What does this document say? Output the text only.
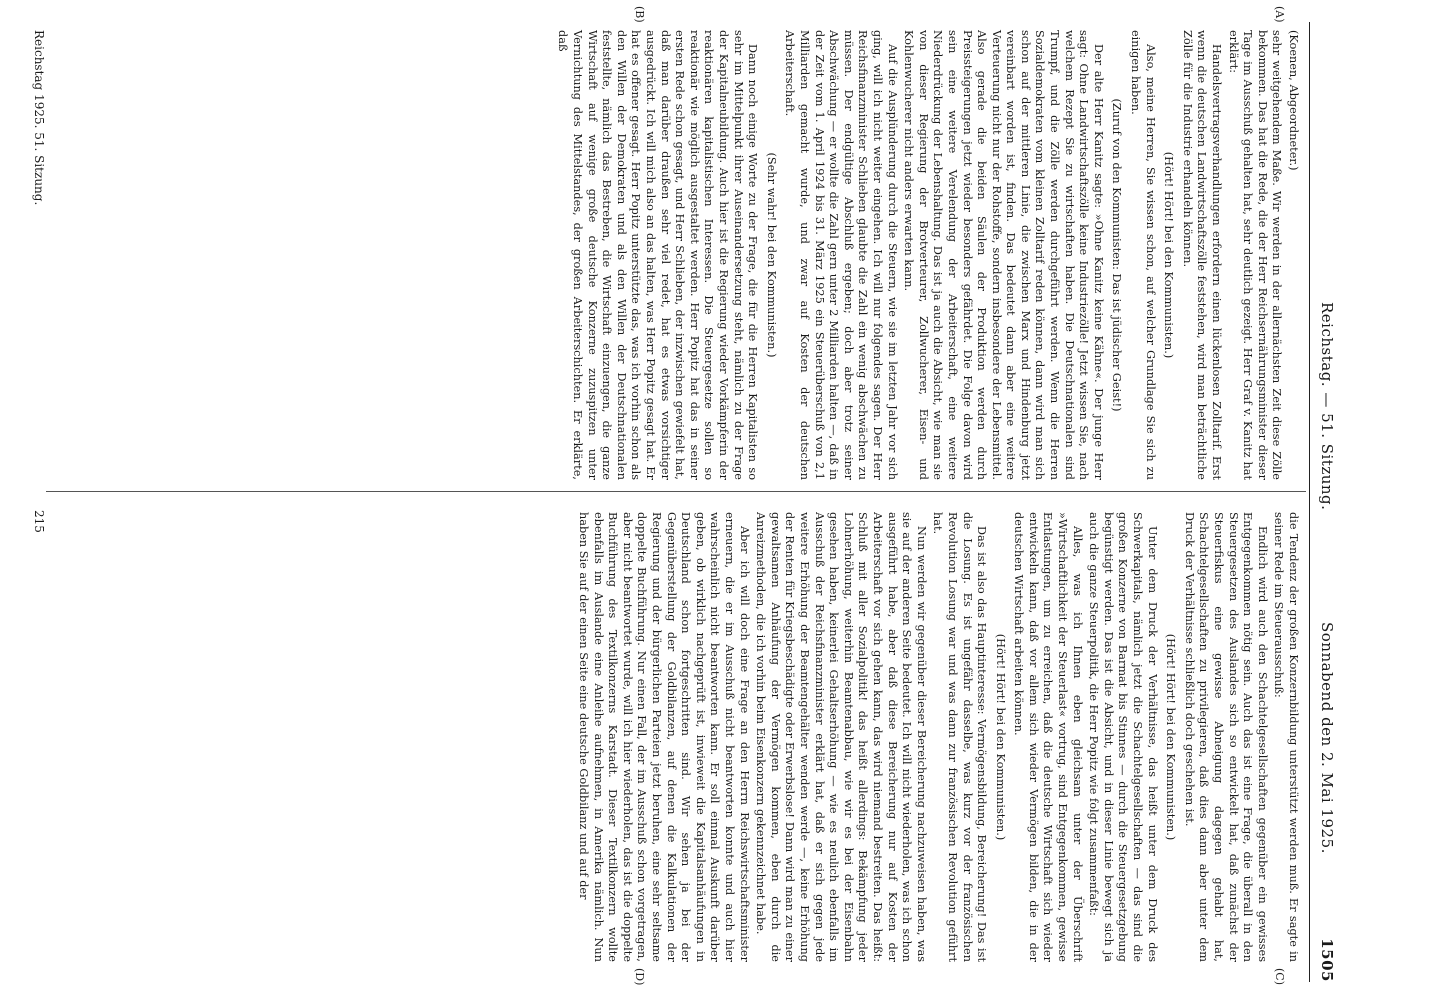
Reichstag. — 51. Sitzung.
Sonnabend den 2. Mai 1925.
1505
(A)
(B)
(C)
(D)

(Koenen, Abgeordneter.)

sehr weitgehendem Maße. Wir werden in der allernächsten Zeit diese Zölle bekommen. Das hat die Rede, die der Herr Reichsernährungsminister dieser Tage im Ausschuß gehalten hat, sehr deutlich gezeigt. Herr Graf v. Kanitz hat erklärt:

Handelsvertragsverhandlungen erfordern einen lückenlosen Zolltarif. Erst wenn die deutschen Landwirtschaftszölle feststehen, wird man beträchtliche Zölle für die Industrie erhandeln können.

(Hört! Hört! bei den Kommunisten.)

Also, meine Herren, Sie wissen schon, auf welcher Grundlage Sie sich zu einigen haben.

(Zuruf von den Kommunisten: Das ist jüdischer Geist!)

Der alte Herr Kanitz sagte: »Ohne Kanitz keine Kähne«. Der junge Herr sagt: Ohne Landwirtschaftszölle keine Industriezölle! Jetzt wissen Sie, nach welchem Rezept Sie zu wirtschaften haben. Die Deutschnationalen sind Trumpf, und die Zölle werden durchgeführt werden. Wenn die Herren Sozialdemokraten vom kleinen Zolltarif reden können, dann wird man sich schon auf der mittleren Linie, die zwischen Marx und Hindenburg jetzt vereinbart worden ist, finden. Das bedeutet dann aber eine weitere Verteuerung nicht nur der Rohstoffe, sondern insbesondere der Lebensmittel. Also gerade die beiden Säulen der Produktion werden durch Preissteigerungen jetzt wieder besonders gefährdet. Die Folge davon wird sein eine weitere Verelendung der Arbeiterschaft, eine weitere Niederdrückung der Lebenshaltung. Das ist ja auch die Absicht, wie man sie von dieser Regierung der Brotverteurer, Zollwucherer, Eisen- und Kohlenwucherer nicht anders erwarten kann.

Auf die Ausplünderung durch die Steuern, wie sie im letzten Jahr vor sich ging, will ich nicht weiter eingehen. Ich will nur folgendes sagen. Der Herr Reichsfinanzminister Schlieben glaubte die Zahl ein wenig abschwächen zu müssen. Der endgültige Abschluß ergeben; doch aber trotz seiner Abschwächung — er wollte die Zahl gern unter 2 Milliarden halten —, daß in der Zeit vom 1. April 1924 bis 31. März 1925 ein Steuerüberschuß von 2,1 Milliarden gemacht wurde, und zwar auf Kosten der deutschen Arbeiterschaft.

(Sehr wahr! bei den Kommunisten.)

Dann noch einige Worte zu der Frage, die für die Herren Kapitalisten so sehr im Mittelpunkt ihrer Auseinandersetzung steht, nämlich zu der Frage der Kapitalneubildung. Auch hier ist die Regierung wieder Vorkämpferin der reaktionären kapitalistischen Interessen. Die Steuergesetze sollen so reaktionär wie möglich ausgestaltet werden. Herr Popitz hat das in seiner ersten Rede schon gesagt, und Herr Schlieben, der inzwischen gewiefelt hat, daß man darüber draußen sehr viel redet, hat es etwas vorsichtiger ausgedrückt. Ich will mich also an das halten, was Herr Popitz gesagt hat. Er hat es offener gesagt. Herr Popitz unterstützte das, was ich vorhin schon als den Willen der Demokraten und als den Willen der Deutschnationalen feststellte, nämlich das Bestreben, die Wirtschaft einzuengen, die ganze Wirtschaft auf wenige große deutsche Konzerne zuzuspitzen unter Vernichtung des Mittelstandes, der großen Arbeiterschichten. Er erklärte, daß

die Tendenz der großen Konzernbildung unterstützt werden muß. Er sagte in seiner Rede im Steuerausschuß:

Endlich wird auch den Schachtelgesellschaften gegenüber ein gewisses Entgegenkommen nötig sein. Auch das ist eine Frage, die überall in den Steuergesetzen des Auslandes sich so entwickelt hat, daß zunächst der Steuerfiskus eine gewisse Abneigung dagegen gehabt hat, Schachtelgesellschaften zu privilegieren, daß dies dann aber unter dem Druck der Verhältnisse schließlich doch geschehen ist.

(Hört! Hört! bei den Kommunisten.)

Unter dem Druck der Verhältnisse, das heißt unter dem Druck des Schwerkapitals, nämlich jetzt die Schachtelgesellschaften — das sind die großen Konzerne von Barmat bis Stinnes — durch die Steuergesetzgebung begünstigt werden. Das ist die Absicht, und in dieser Linie bewegt sich ja auch die ganze Steuerpolitik, die Herr Popitz wie folgt zusammenfaßt:

Alles, was ich Ihnen eben gleichsam unter der Überschrift »Wirtschaftlichkeit der Steuerlast« vortrug, sind Entgegenkommen, gewisse Entlastungen, um zu erreichen, daß die deutsche Wirtschaft sich wieder entwickeln kann, daß vor allem sich wieder Vermögen bilden, die in der deutschen Wirtschaft arbeiten können.

(Hört! Hört! bei den Kommunisten.)

Das ist also das Hauptinteresse: Vermögensbildung, Bereicherung! Das ist die Losung. Es ist ungefähr dasselbe, was kurz vor der französischen Revolution Losung war und was dann zur französischen Revolution geführt hat.

Nun werden wir gegenüber dieser Bereicherung nachzuweisen haben, was sie auf der anderen Seite bedeutet. Ich will nicht wiederholen, was ich schon ausgeführt habe, aber daß diese Bereicherung nur auf Kosten der Arbeiterschaft vor sich gehen kann, das wird niemand bestreiten. Das heißt: Schluß mit aller Sozialpolitik! das heißt allerdings: Bekämpfung jeder Lohnerhöhung, weiterhin Beamtenabbau, wie wir es bei der Eisenbahn gesehen haben, keinerlei Gehaltserhöhung — wie es neulich ebenfalls im Ausschuß der Reichsfinanzminister erklärt hat, daß er sich gegen jede weitere Erhöhung der Beamtengehälter wenden werde —, keine Erhöhung der Renten für Kriegsbeschädigte oder Erwerbslose! Dann wird man zu einer gewaltsamen Anhäufung der Vermögen kommen, eben durch die Anreizmethoden, die ich vorhin beim Eisenkonzern gekennzeichnet habe.

Aber ich will doch eine Frage an den Herrn Reichswirtschaftsminister erneuern, die er im Ausschuß nicht beantworten konnte und auch hier wahrscheinlich nicht beantworten kann. Er soll einmal Auskunft darüber geben, ob wirklich nachgeprüft ist, inwieweit die Kapitalsanhäufungen in Deutschland schon fortgeschritten sind. Wir sehen ja bei der Gegenüberstellung der Goldbilanzen, auf denen die Kalkulationen der Regierung und der bürgerlichen Parteien jetzt beruhen, eine sehr seltsame doppelte Buchführung. Nur einen Fall, der im Ausschuß schon vorgetragen, aber nicht beantwortet wurde, will ich hier wiederholen, das ist die doppelte Buchführung des Textilkonzerns Karstadt. Dieser Textilkonzern wollte ebenfalls im Auslande eine Anleihe aufnehmen, in Amerika nämlich. Nun haben Sie auf der einen Seite eine deutsche Goldbilanz und auf der

Reichstag 1925. 51. Sitzung.
215
